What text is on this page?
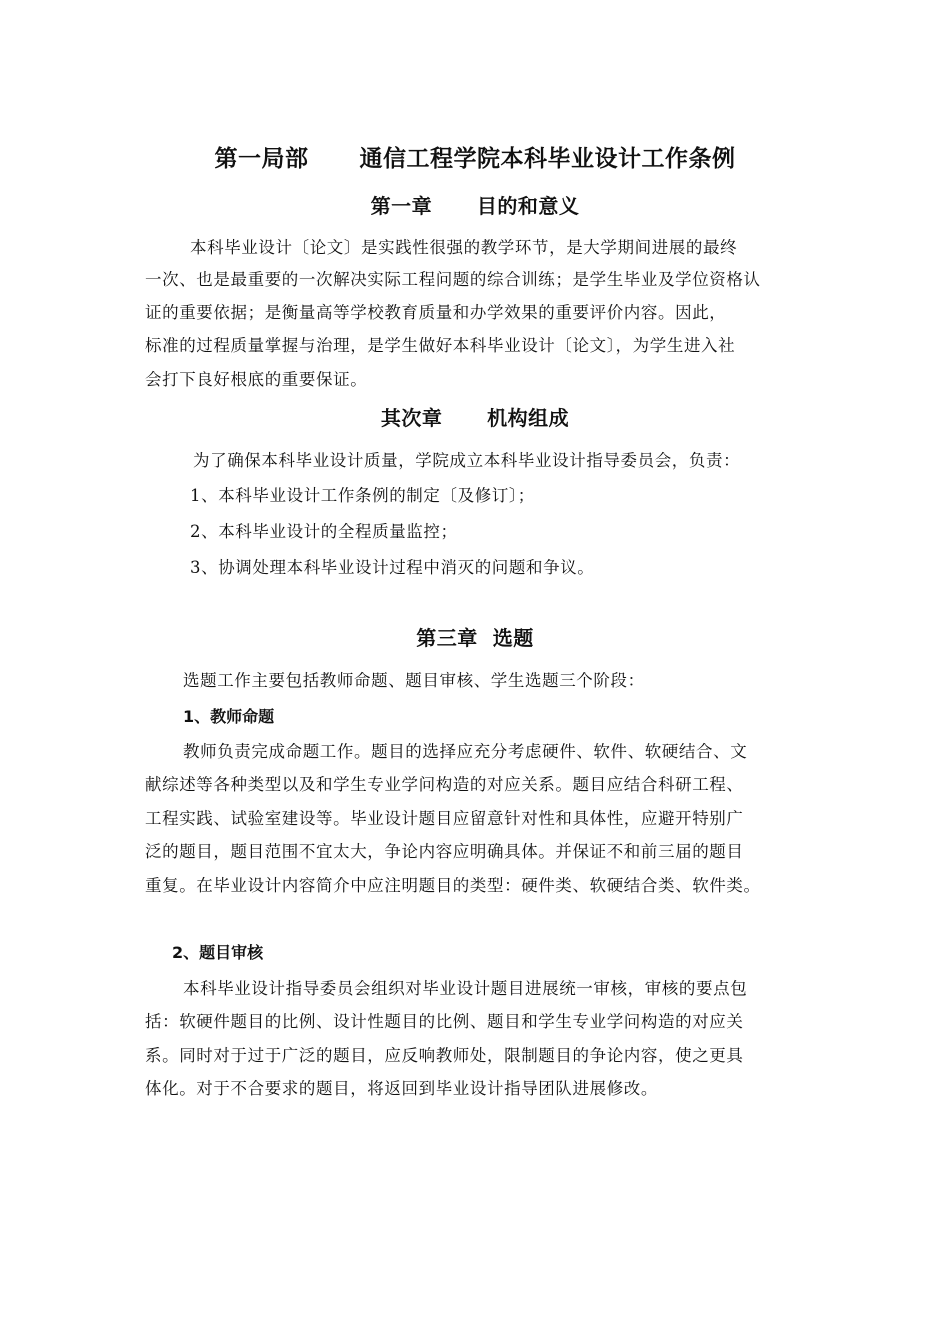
第一局部      通信工程学院本科毕业设计工作条例
第一章      目的和意义
本科毕业设计〔论文〕是实践性很强的教学环节，是大学期间进展的最终
一次、也是最重要的一次解决实际工程问题的综合训练；是学生毕业及学位资格认
证的重要依据；是衡量高等学校教育质量和办学效果的重要评价内容。因此，
标准的过程质量掌握与治理，是学生做好本科毕业设计〔论文〕，为学生进入社
会打下良好根底的重要保证。
其次章      机构组成
为了确保本科毕业设计质量，学院成立本科毕业设计指导委员会，负责：
1、本科毕业设计工作条例的制定〔及修订〕；
2、本科毕业设计的全程质量监控；
3、协调处理本科毕业设计过程中消灭的问题和争议。
第三章  选题
选题工作主要包括教师命题、题目审核、学生选题三个阶段：
1、教师命题
教师负责完成命题工作。题目的选择应充分考虑硬件、软件、软硬结合、文
献综述等各种类型以及和学生专业学问构造的对应关系。题目应结合科研工程、
工程实践、试验室建设等。毕业设计题目应留意针对性和具体性，应避开特别广
泛的题目，题目范围不宜太大，争论内容应明确具体。并保证不和前三届的题目
重复。在毕业设计内容简介中应注明题目的类型：硬件类、软硬结合类、软件类。
2、题目审核
本科毕业设计指导委员会组织对毕业设计题目进展统一审核，审核的要点包
括：软硬件题目的比例、设计性题目的比例、题目和学生专业学问构造的对应关
系。同时对于过于广泛的题目，应反响教师处，限制题目的争论内容，使之更具
体化。对于不合要求的题目，将返回到毕业设计指导团队进展修改。
